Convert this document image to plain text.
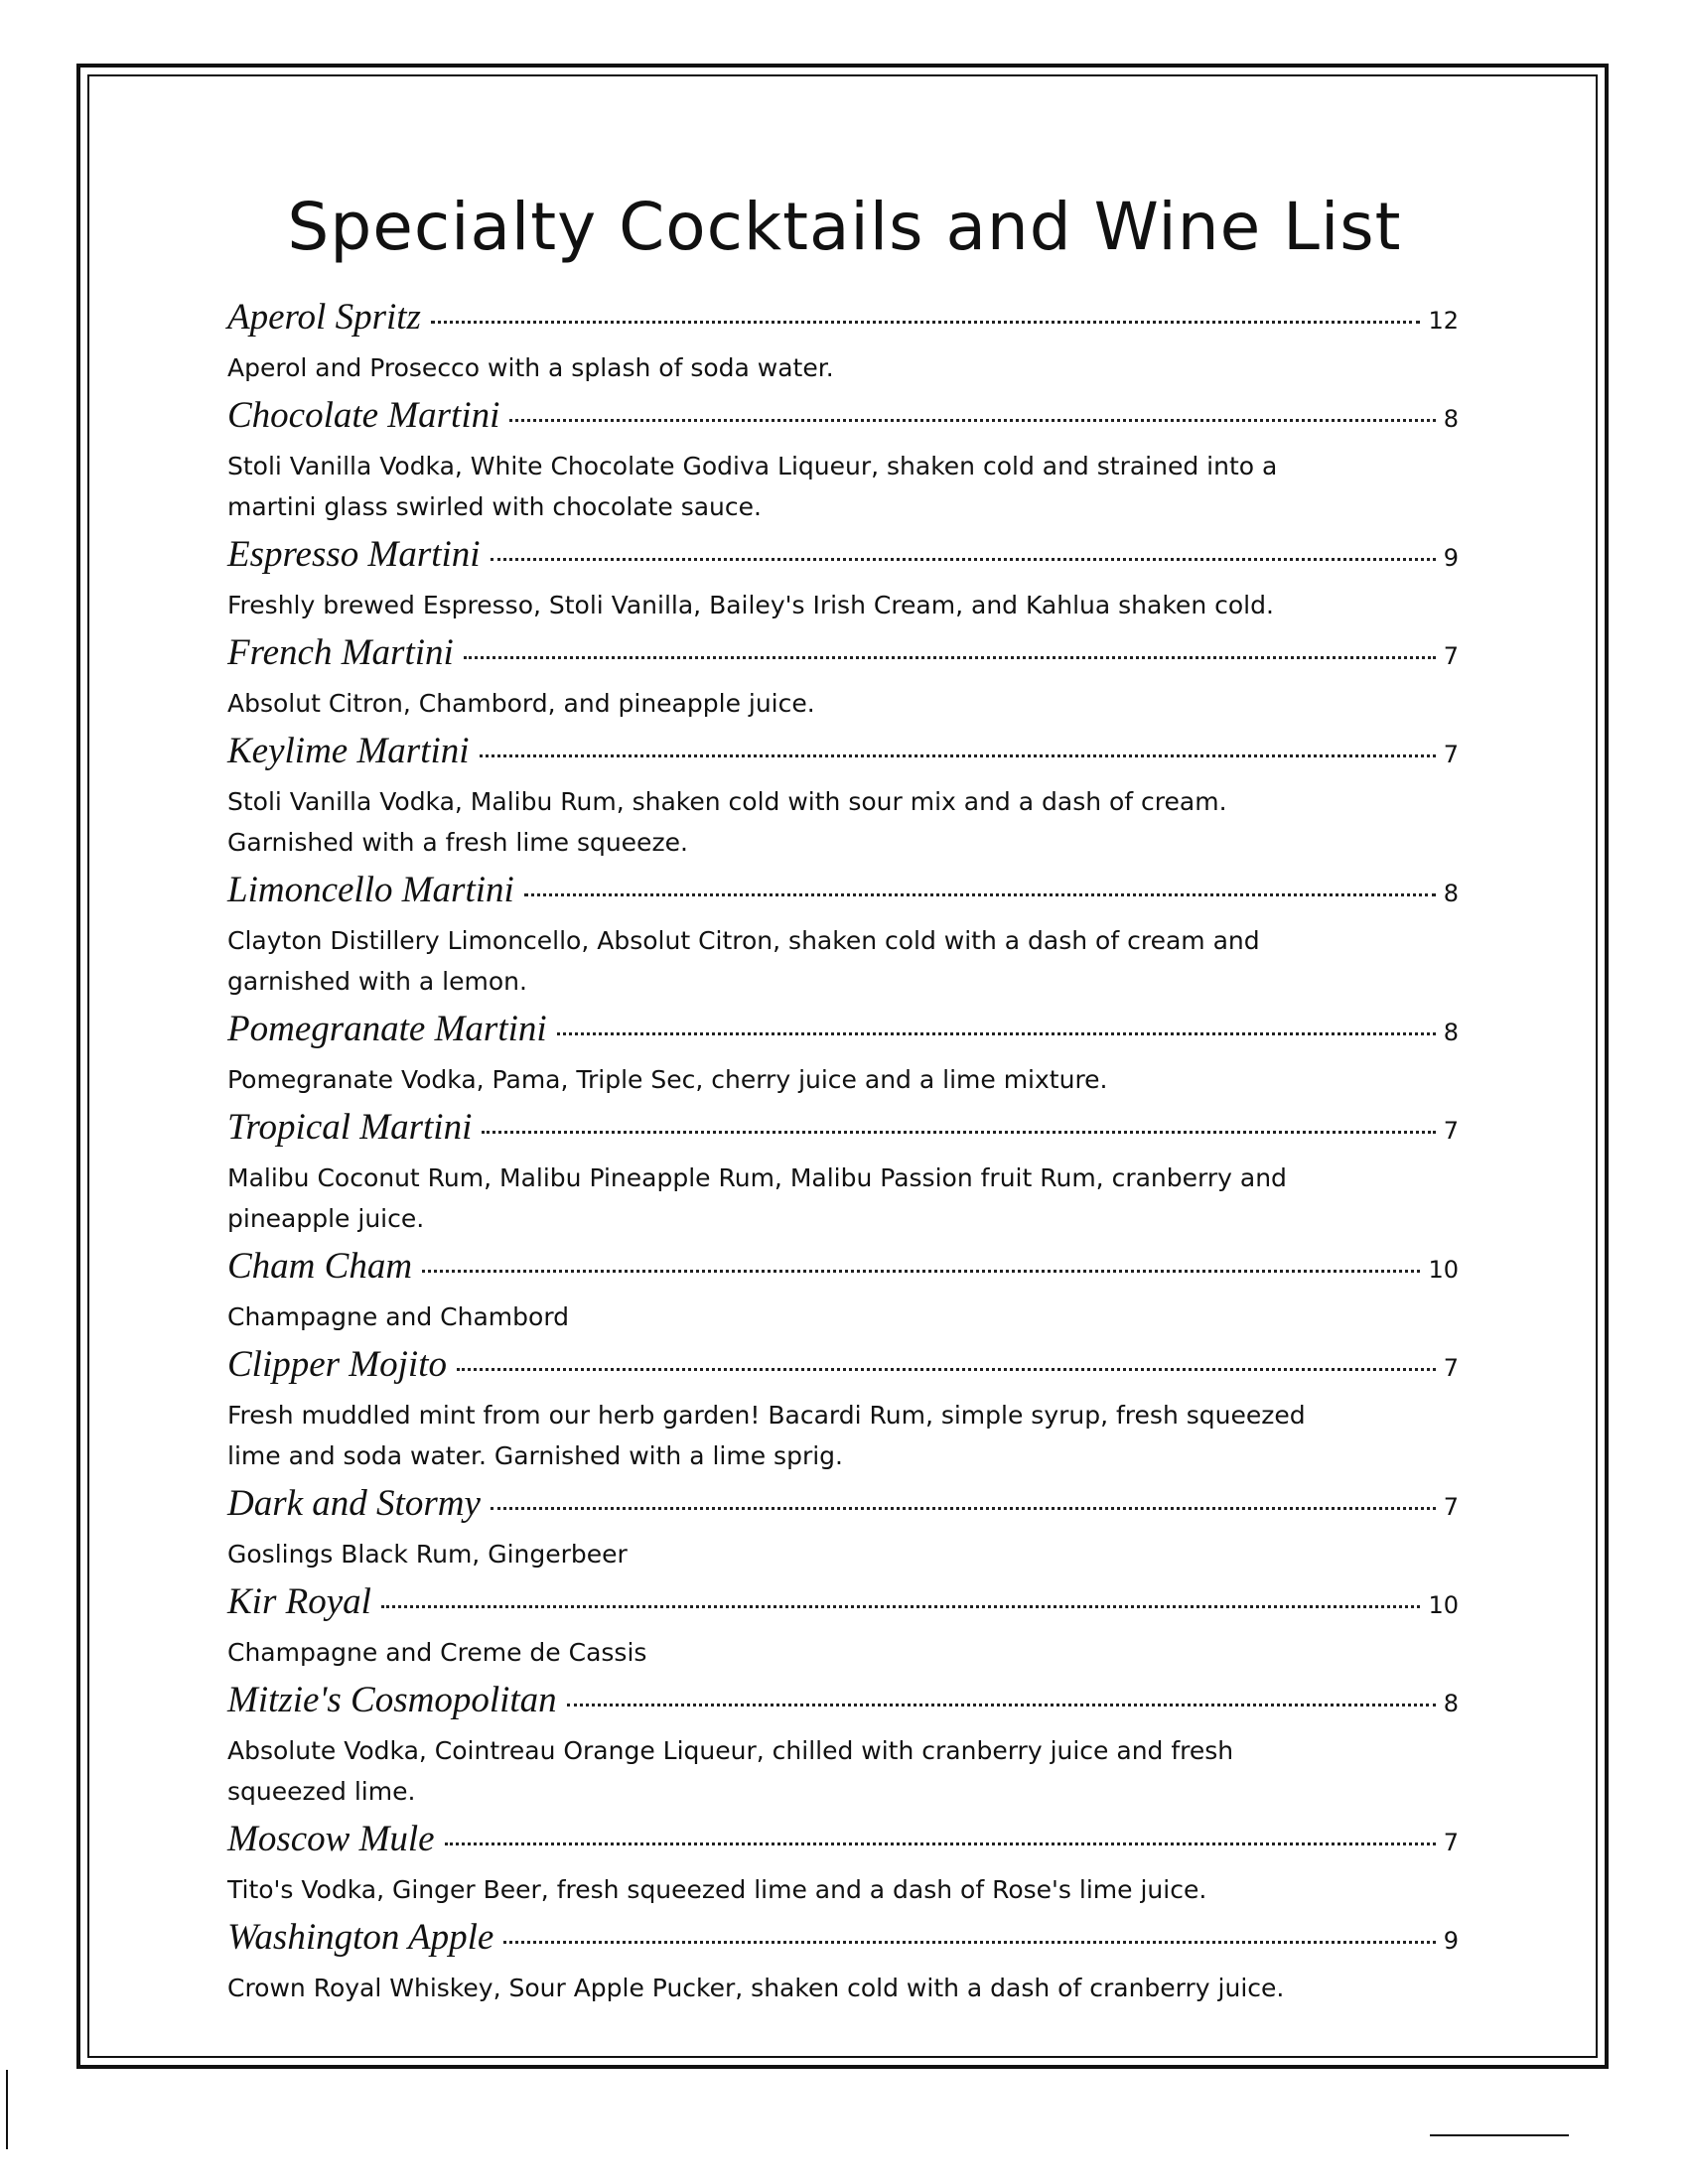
Specialty Cocktails and Wine List
Aperol Spritz	12
Aperol and Prosecco with a splash of soda water.
Chocolate Martini	8
Stoli Vanilla Vodka, White Chocolate Godiva Liqueur, shaken cold and strained into a martini glass swirled with chocolate sauce.
Espresso Martini	9
Freshly brewed Espresso, Stoli Vanilla, Bailey's Irish Cream, and Kahlua shaken cold.
French Martini	7
Absolut Citron, Chambord, and pineapple juice.
Keylime Martini	7
Stoli Vanilla Vodka, Malibu Rum, shaken cold with sour mix and a dash of cream. Garnished with a fresh lime squeeze.
Limoncello Martini	8
Clayton Distillery Limoncello, Absolut Citron, shaken cold with a dash of cream and garnished with a lemon.
Pomegranate Martini	8
Pomegranate Vodka, Pama, Triple Sec, cherry juice and a lime mixture.
Tropical Martini	7
Malibu Coconut Rum, Malibu Pineapple Rum, Malibu Passion fruit Rum, cranberry and pineapple juice.
Cham Cham	10
Champagne and Chambord
Clipper Mojito	7
Fresh muddled mint from our herb garden! Bacardi Rum, simple syrup, fresh squeezed lime and soda water. Garnished with a lime sprig.
Dark and Stormy	7
Goslings Black Rum, Gingerbeer
Kir Royal	10
Champagne and Creme de Cassis
Mitzie's Cosmopolitan	8
Absolute Vodka, Cointreau Orange Liqueur, chilled with cranberry juice and fresh squeezed lime.
Moscow Mule	7
Tito's Vodka, Ginger Beer, fresh squeezed lime and a dash of Rose's lime juice.
Washington Apple	9
Crown Royal Whiskey, Sour Apple Pucker, shaken cold with a dash of cranberry juice.
